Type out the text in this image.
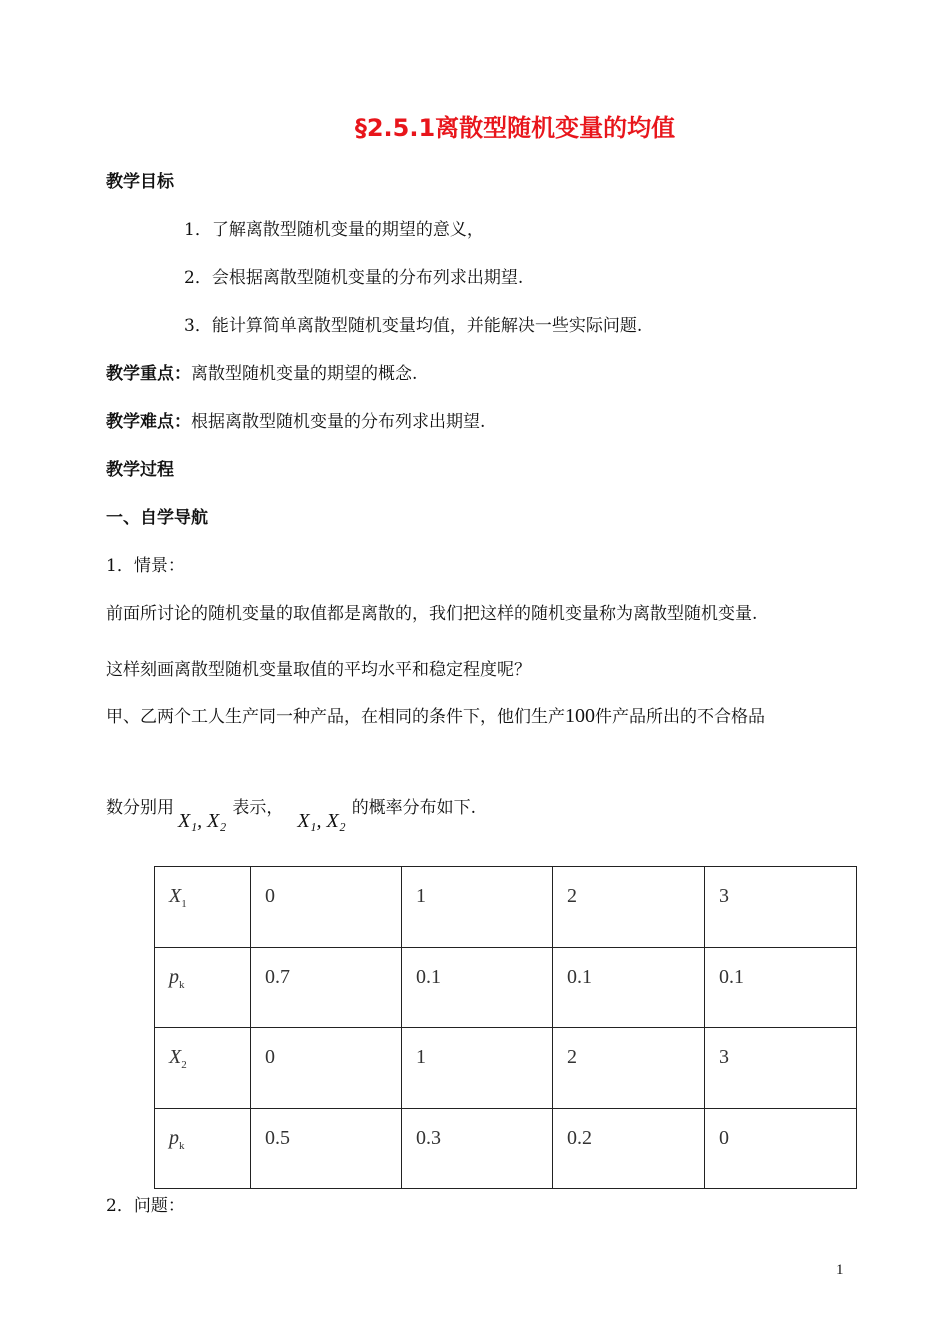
§2.5.1离散型随机变量的均值
教学目标
1．了解离散型随机变量的期望的意义，
2．会根据离散型随机变量的分布列求出期望.
3．能计算简单离散型随机变量均值，并能解决一些实际问题.
教学重点：离散型随机变量的期望的概念.
教学难点：根据离散型随机变量的分布列求出期望.
教学过程
一、自学导航
1．情景：
前面所讨论的随机变量的取值都是离散的，我们把这样的随机变量称为离散型随机变量.
这样刻画离散型随机变量取值的平均水平和稳定程度呢？
甲、乙两个工人生产同一种产品，在相同的条件下，他们生产100件产品所出的不合格品
数分别用X₁, X₂表示，X₁, X₂的概率分布如下.
$X_1$	0	1	2	3
$p_k$	0.7	0.1	0.1	0.1
$X_2$	0	1	2	3
$p_k$	0.5	0.3	0.2	0
2．问题：
1
